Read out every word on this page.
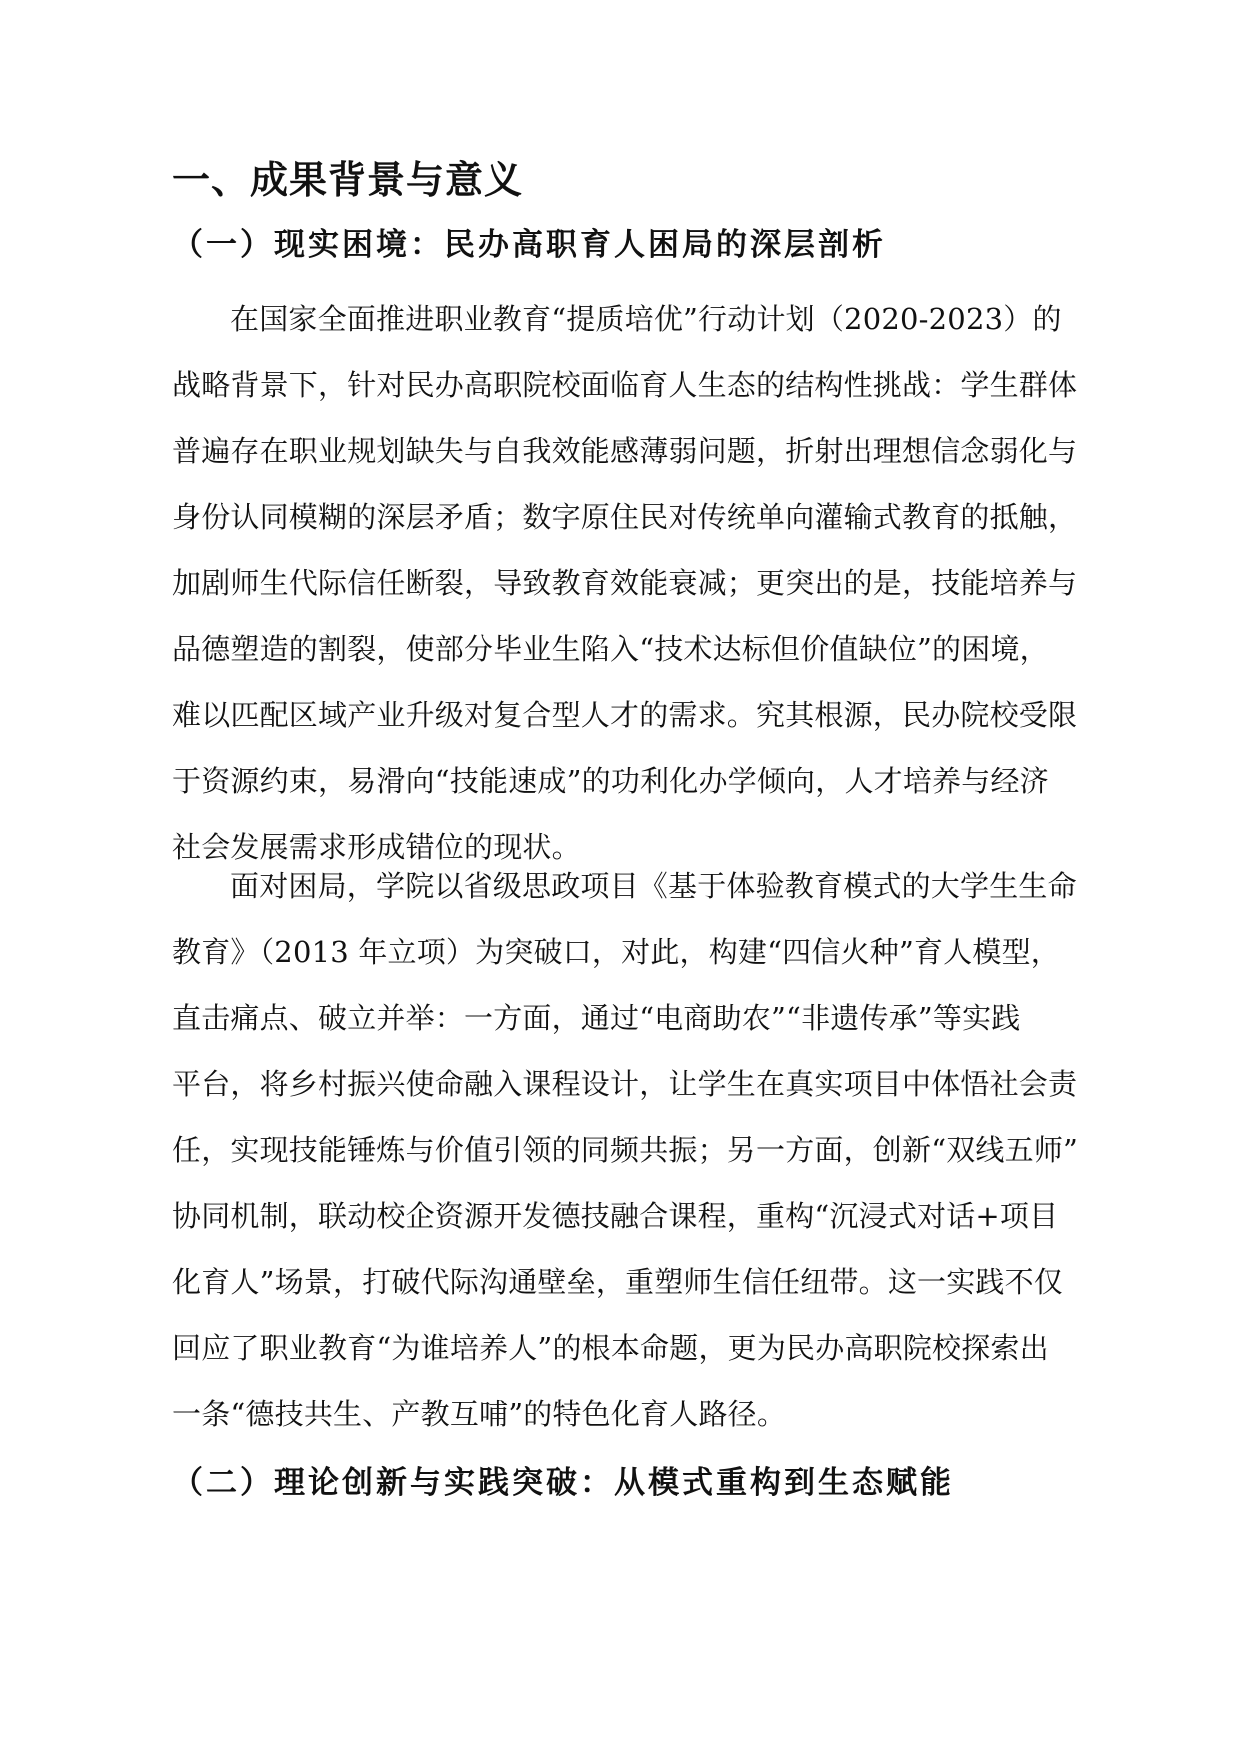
一、成果背景与意义
（一）现实困境：民办高职育人困局的深层剖析
在国家全面推进职业教育“提质培优”行动计划（2020-2023）的
战略背景下，针对民办高职院校面临育人生态的结构性挑战：学生群体
普遍存在职业规划缺失与自我效能感薄弱问题，折射出理想信念弱化与
身份认同模糊的深层矛盾；数字原住民对传统单向灌输式教育的抵触，
加剧师生代际信任断裂，导致教育效能衰减；更突出的是，技能培养与
品德塑造的割裂，使部分毕业生陷入“技术达标但价值缺位”的困境，
难以匹配区域产业升级对复合型人才的需求。究其根源，民办院校受限
于资源约束，易滑向“技能速成”的功利化办学倾向，人才培养与经济
社会发展需求形成错位的现状。
面对困局，学院以省级思政项目《基于体验教育模式的大学生生命
教育》（2013 年立项）为突破口，对此，构建“四信火种”育人模型，
直击痛点、破立并举：一方面，通过“电商助农”“非遗传承”等实践
平台，将乡村振兴使命融入课程设计，让学生在真实项目中体悟社会责
任，实现技能锤炼与价值引领的同频共振；另一方面，创新“双线五师”
协同机制，联动校企资源开发德技融合课程，重构“沉浸式对话+项目
化育人”场景，打破代际沟通壁垒，重塑师生信任纽带。这一实践不仅
回应了职业教育“为谁培养人”的根本命题，更为民办高职院校探索出
一条“德技共生、产教互哺”的特色化育人路径。
（二）理论创新与实践突破：从模式重构到生态赋能
